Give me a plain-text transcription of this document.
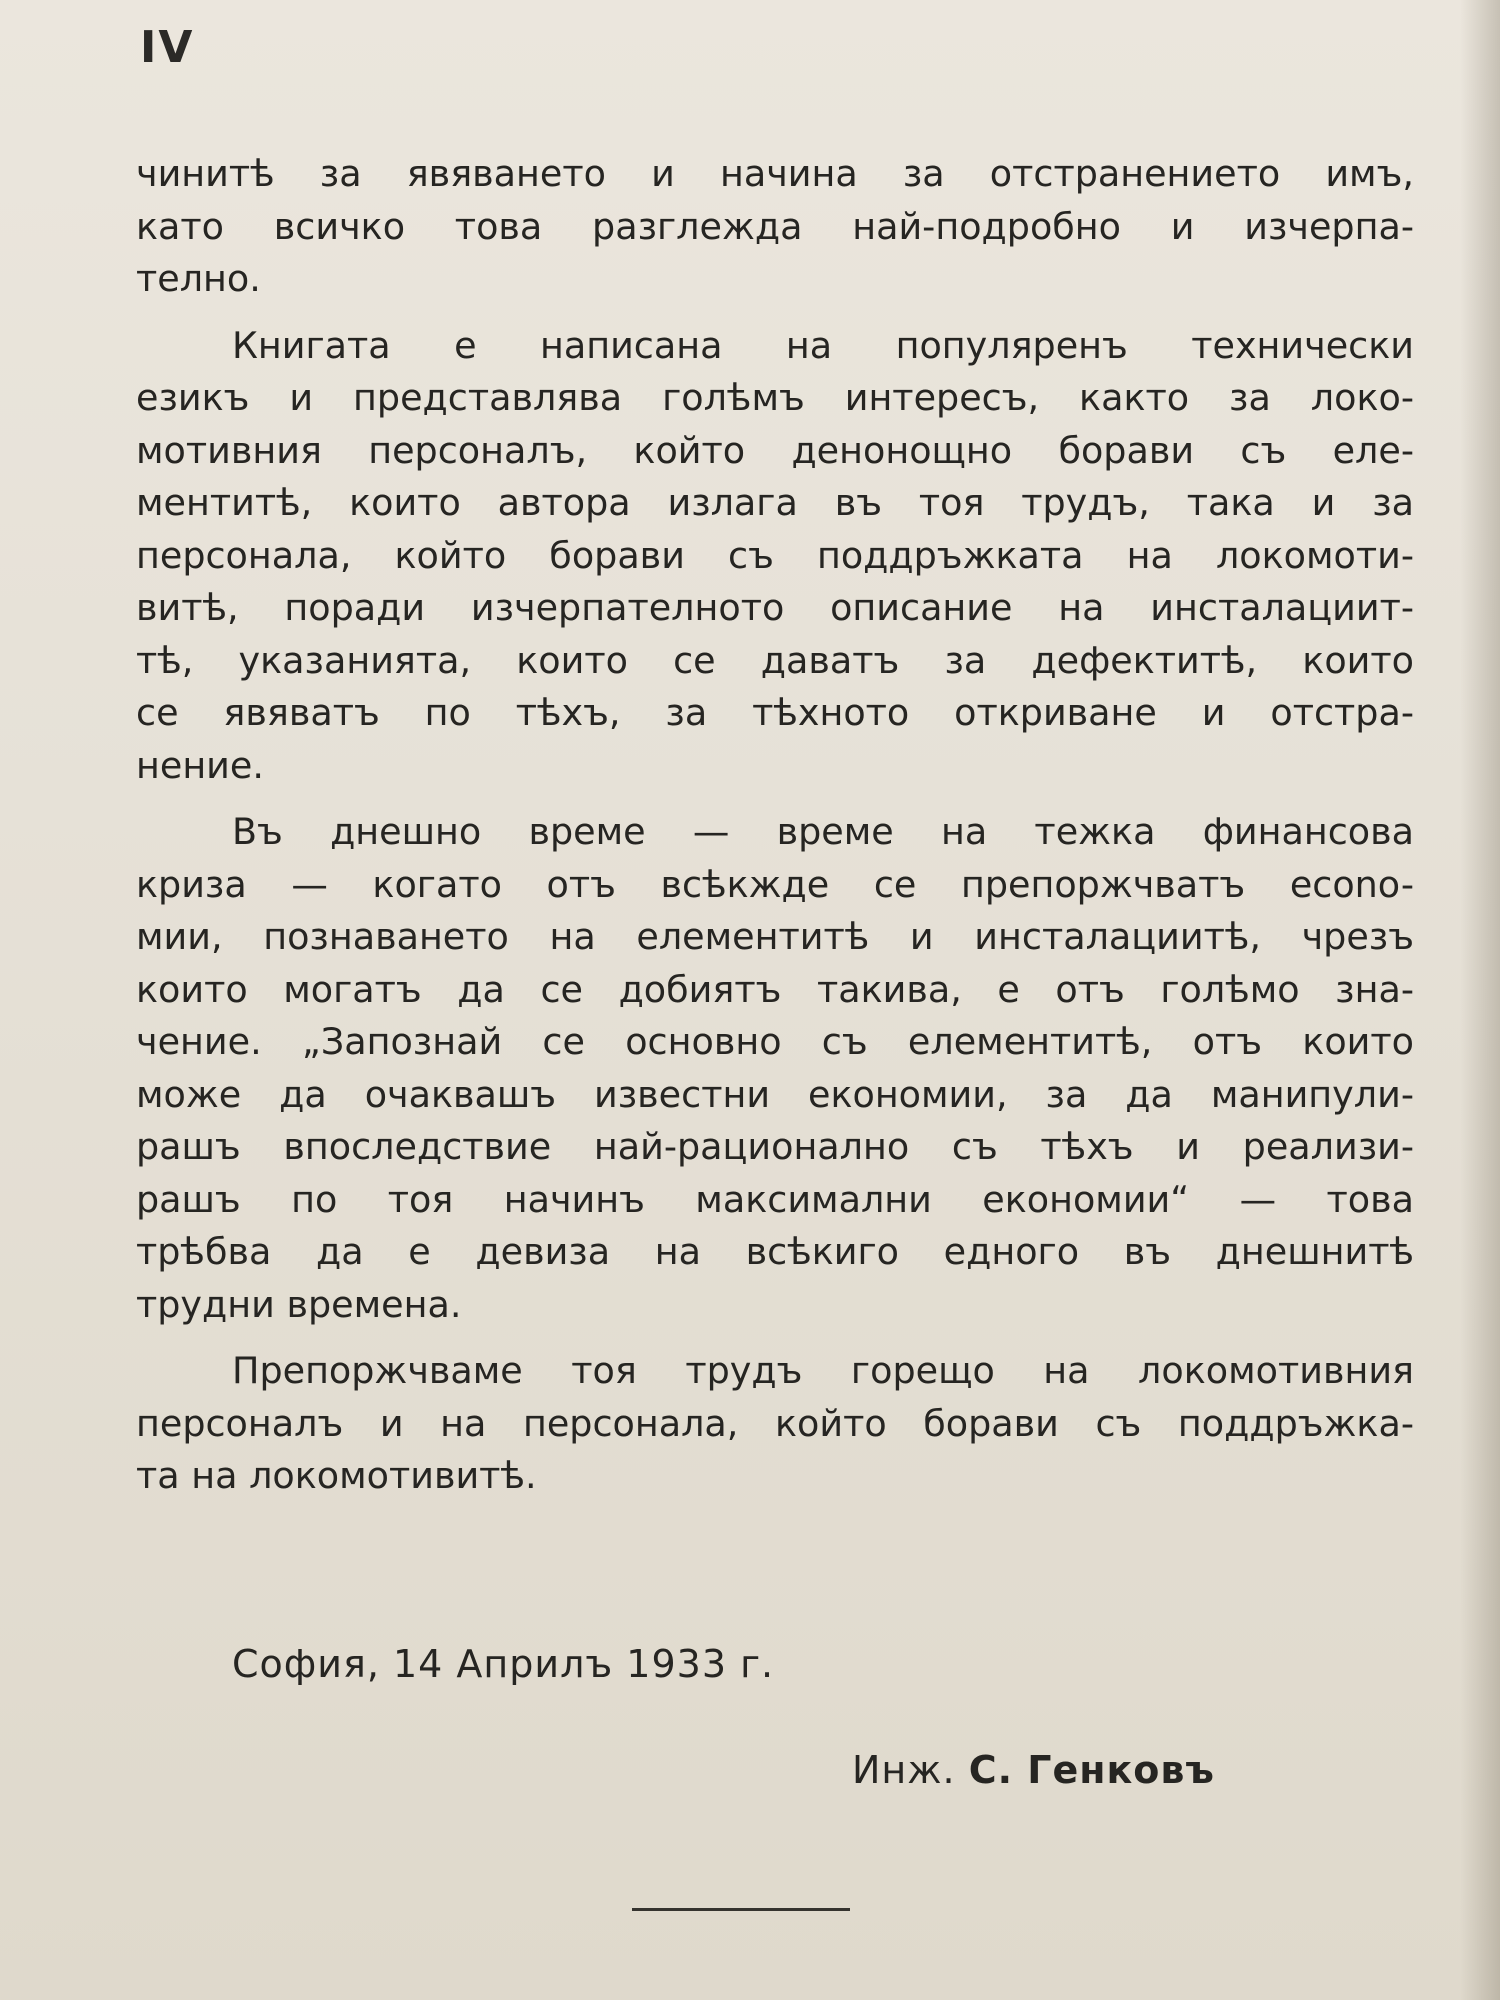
IV

чинитѣ за явяването и начина за отстранението имъ,
като всичко това разглежда най-подробно и изчерпа-
телно.

Книгата е написана на популяренъ технически
езикъ и представлява голѣмъ интересъ, както за локо-
мотивния персоналъ, който денонощно борави съ еле-
ментитѣ, които автора излага въ тоя трудъ, така и за
персонала, който борави съ поддръжката на локомоти-
витѣ, поради изчерпателното описание на инсталациит-
тѣ, указанията, които се даватъ за дефектитѣ, които
се явяватъ по тѣхъ, за тѣхното откриване и отстра-
нение.

Въ днешно време — време на тежка финансова
криза — когато отъ всѣкжде се препоржчватъ econo-
мии, познаването на елементитѣ и инсталациитѣ, чрезъ
които могатъ да се добиятъ такива, е отъ голѣмо зна-
чение. „Запознай се основно съ елементитѣ, отъ които
може да очаквашъ известни економии, за да манипули-
рашъ впоследствие най-рационално съ тѣхъ и реализи-
рашъ по тоя начинъ максимални економии“ — това
трѣбва да е девиза на всѣкиго едного въ днешнитѣ
трудни времена.

Препоржчваме тоя трудъ горещо на локомотивния
персоналъ и на персонала, който борави съ поддръжка-
та на локомотивитѣ.

София, 14 Априлъ 1933 г.
Инж. С. Генковъ
